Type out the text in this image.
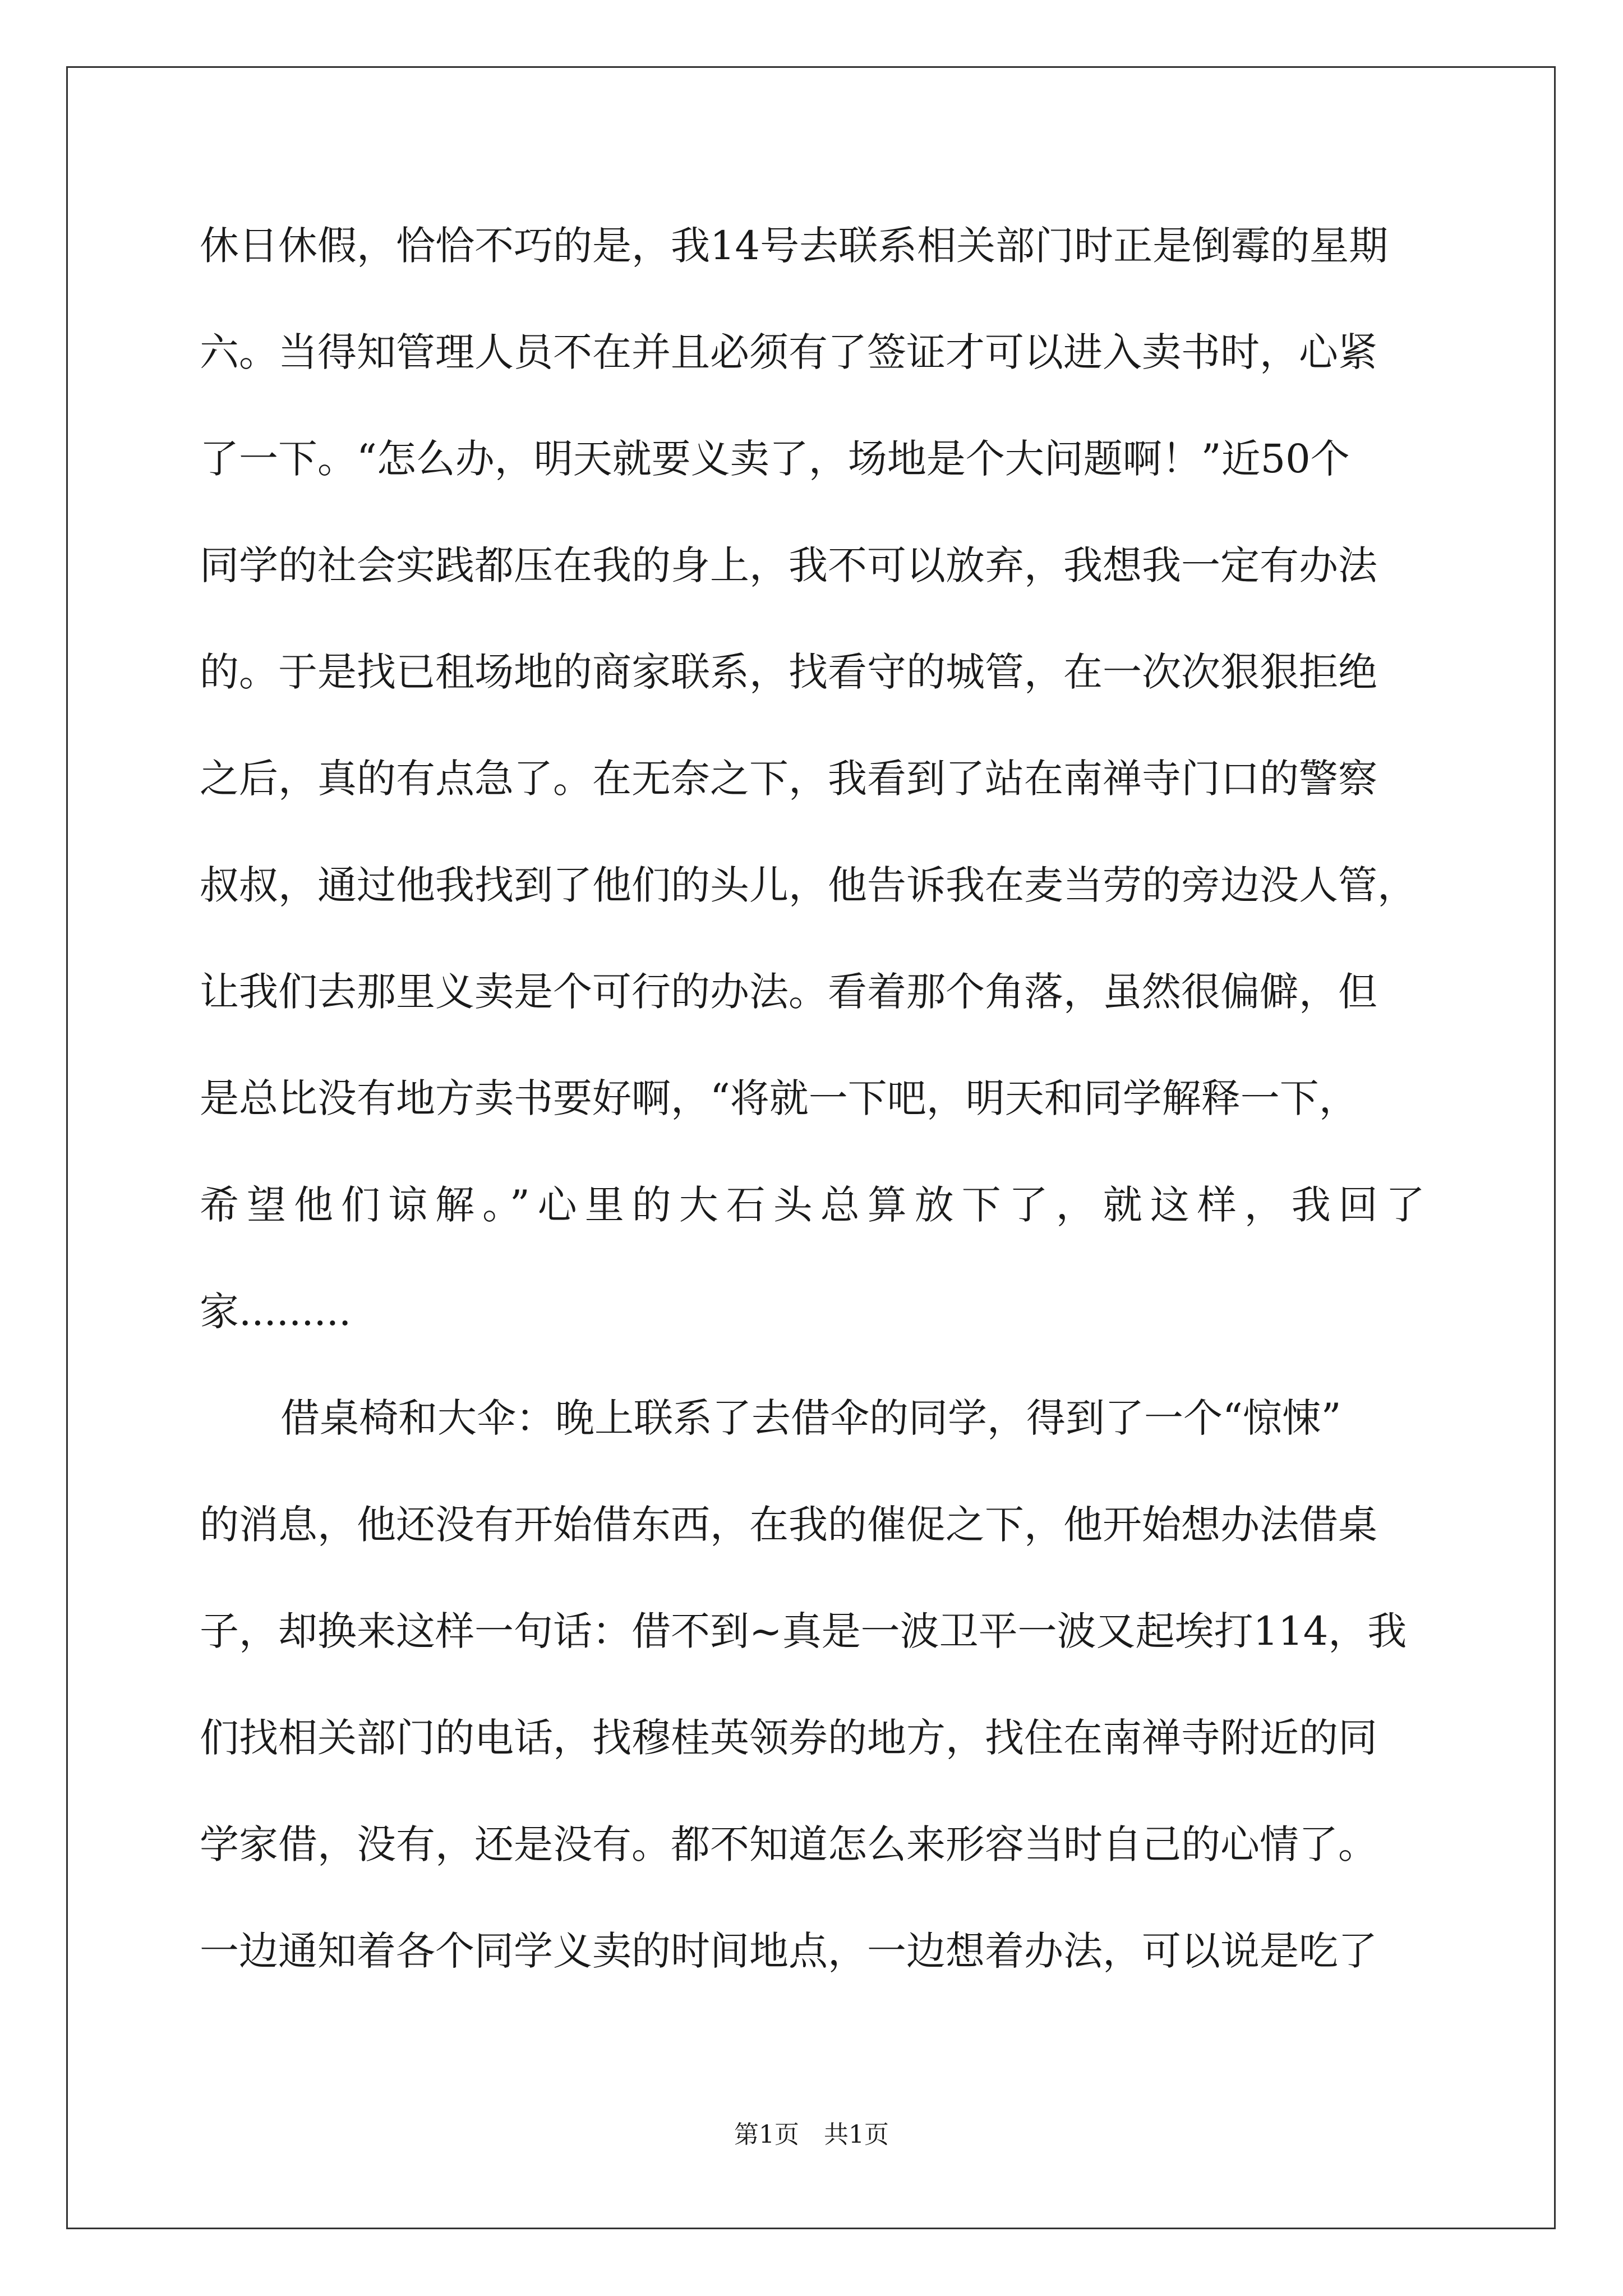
休日休假，恰恰不巧的是，我14号去联系相关部门时正是倒霉的星期
六。当得知管理人员不在并且必须有了签证才可以进入卖书时，心紧
了一下。“怎么办，明天就要义卖了，场地是个大问题啊！”近50个
同学的社会实践都压在我的身上，我不可以放弃，我想我一定有办法
的。于是找已租场地的商家联系，找看守的城管，在一次次狠狠拒绝
之后，真的有点急了。在无奈之下，我看到了站在南禅寺门口的警察
叔叔，通过他我找到了他们的头儿，他告诉我在麦当劳的旁边没人管，
让我们去那里义卖是个可行的办法。看着那个角落，虽然很偏僻，但
是总比没有地方卖书要好啊，“将就一下吧，明天和同学解释一下，
希望他们谅解。”心里的大石头总算放下了，就这样，我回了
家.........
借桌椅和大伞：晚上联系了去借伞的同学，得到了一个“惊悚”
的消息，他还没有开始借东西，在我的催促之下，他开始想办法借桌
子，却换来这样一句话：借不到~真是一波卫平一波又起埃打114，我
们找相关部门的电话，找穆桂英领券的地方，找住在南禅寺附近的同
学家借，没有，还是没有。都不知道怎么来形容当时自己的心情了。
一边通知着各个同学义卖的时间地点，一边想着办法，可以说是吃了
第1页　共1页
